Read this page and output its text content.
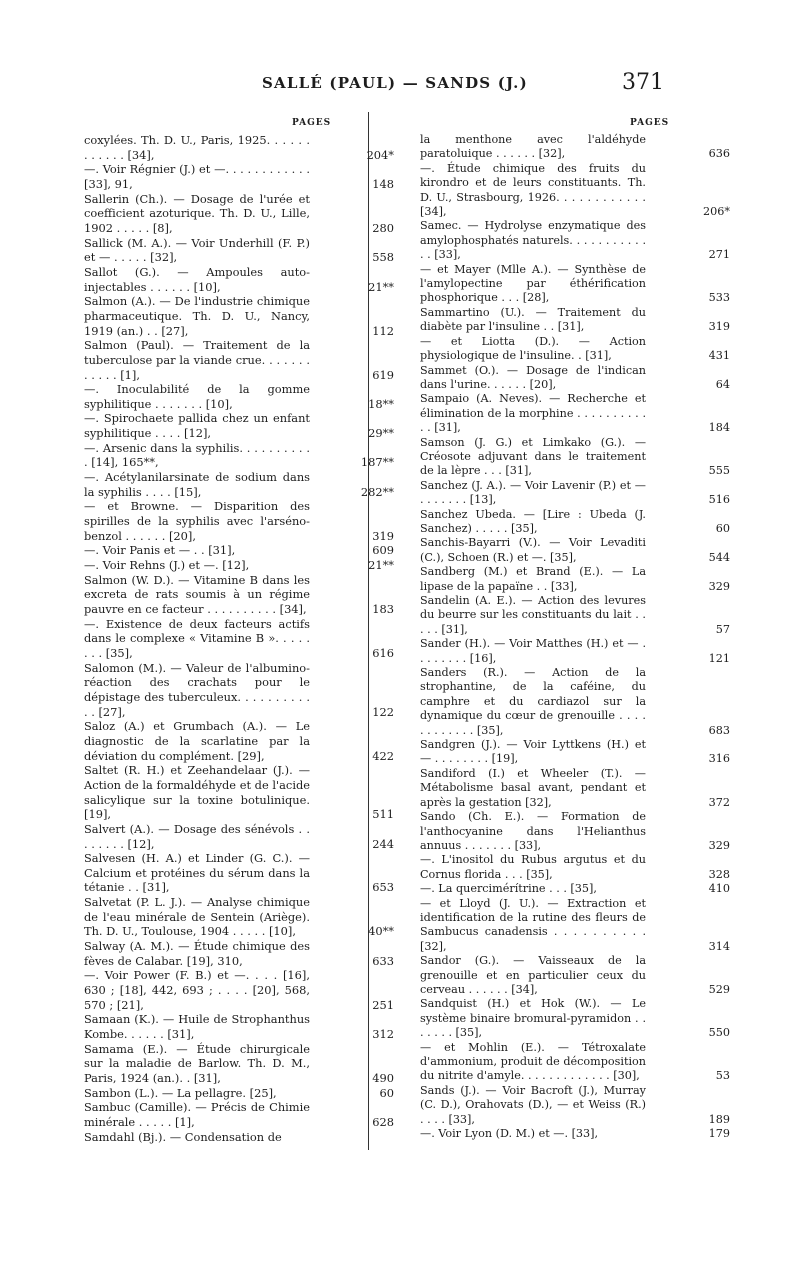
SALLÉ (PAUL) — SANDS (J.)	371
PAGES	PAGES
coxylées. Th. D. U., Paris, 1925. . . . . . . . . . . . [34],	204*
—. Voir Régnier (J.) et —. . . . . . . . . . . . [33], 91,	148
Sallerin (Ch.). — Dosage de l'urée et coefficient azoturique. Th. D. U., Lille, 1902 . . . . . [8],	280
Sallick (M. A.). — Voir Underhill (F. P.) et — . . . . . [32],	558
Sallot (G.). — Ampoules auto-injectables . . . . . . [10],	21**
Salmon (A.). — De l'industrie chimique pharmaceutique. Th. D. U., Nancy, 1919 (an.) . . [27],	112
Salmon (Paul). — Traitement de la tuberculose par la viande crue. . . . . . . . . . . . [1],	619
—. Inoculabilité de la gomme syphilitique . . . . . . . [10],	18**
—. Spirochaete pallida chez un enfant syphilitique . . . . [12],	29**
—. Arsenic dans la syphilis. . . . . . . . . . . [14], 165**,	187**
—. Acétylanilarsinate de sodium dans la syphilis . . . . [15],	282**
— et Browne. — Disparition des spirilles de la syphilis avec l'arséno-benzol . . . . . . [20],	319
—. Voir Panis et — . . [31],	609
—. Voir Rehns (J.) et —. [12],	21**
Salmon (W. D.). — Vitamine B dans les excreta de rats soumis à un régime pauvre en ce facteur . . . . . . . . . . [34],	183
—. Existence de deux facteurs actifs dans le complexe « Vitamine B ». . . . . . . . [35],	616
Salomon (M.). — Valeur de l'albumino-réaction des crachats pour le dépistage des tuberculeux. . . . . . . . . . . . [27],	122
Saloz (A.) et Grumbach (A.). — Le diagnostic de la scarlatine par la déviation du complément. [29],	422
Saltet (R. H.) et Zeehandelaar (J.). — Action de la formaldéhyde et de l'acide salicylique sur la toxine botulinique. [19],	511
Salvert (A.). — Dosage des sénévols . . . . . . . . [12],	244
Salvesen (H. A.) et Linder (G. C.). — Calcium et protéines du sérum dans la tétanie . . [31],	653
Salvetat (P. L. J.). — Analyse chimique de l'eau minérale de Sentein (Ariège). Th. D. U., Toulouse, 1904 . . . . . [10],	40**
Salway (A. M.). — Étude chimique des fèves de Calabar. [19], 310,	633
—. Voir Power (F. B.) et —. . . . [16], 630 ; [18], 442, 693 ; . . . . [20], 568, 570 ; [21],	251
Samaan (K.). — Huile de Strophanthus Kombe. . . . . . [31],	312
Samama (E.). — Étude chirurgicale sur la maladie de Barlow. Th. D. M., Paris, 1924 (an.). . [31],	490
Sambon (L.). — La pellagre. [25],	60
Sambuc (Camille). — Précis de Chimie minérale . . . . . [1],	628
Samdahl (Bj.). — Condensation de
la menthone avec l'aldéhyde paratoluique . . . . . . [32],	636
—. Étude chimique des fruits du kirondro et de leurs constituants. Th. D. U., Strasbourg, 1926. . . . . . . . . . . . [34],	206*
Samec. — Hydrolyse enzymatique des amylophosphatés naturels. . . . . . . . . . . . . [33],	271
— et Mayer (Mlle A.). — Synthèse de l'amylopectine par éthérification phosphorique . . . [28],	533
Sammartino (U.). — Traitement du diabète par l'insuline . . [31],	319
— et Liotta (D.). — Action physiologique de l'insuline. . [31],	431
Sammet (O.). — Dosage de l'indican dans l'urine. . . . . . [20],	64
Sampaio (A. Neves). — Recherche et élimination de la morphine . . . . . . . . . . . . [31],	184
Samson (J. G.) et Limkako (G.). — Créosote adjuvant dans le traitement de la lèpre . . . [31],	555
Sanchez (J. A.). — Voir Lavenir (P.) et — . . . . . . . [13],	516
Sanchez Ubeda. — [Lire : Ubeda (J. Sanchez) . . . . . [35],	60
Sanchis-Bayarri (V.). — Voir Levaditi (C.), Schoen (R.) et —. [35],	544
Sandberg (M.) et Brand (E.). — La lipase de la papaïne . . [33],	329
Sandelin (A. E.). — Action des levures du beurre sur les constituants du lait . . . . . [31],	57
Sander (H.). — Voir Matthes (H.) et — . . . . . . . . [16],	121
Sanders (R.). — Action de la strophantine, de la caféine, du camphre et du cardiazol sur la dynamique du cœur de grenouille . . . . . . . . . . . . [35],	683
Sandgren (J.). — Voir Lyttkens (H.) et — . . . . . . . . [19],	316
Sandiford (I.) et Wheeler (T.). — Métabolisme basal avant, pendant et après la gestation [32],	372
Sando (Ch. E.). — Formation de l'anthocyanine dans l'Helianthus annuus . . . . . . . [33],	329
—. L'inositol du Rubus argutus et du Cornus florida . . . [35],	328
—. La quercimérítrine . . . [35],	410
— et Lloyd (J. U.). — Extraction et identification de la rutine des fleurs de Sambucus canadensis . . . . . . . . . . [32],	314
Sandor (G.). — Vaisseaux de la grenouille et en particulier ceux du cerveau . . . . . . [34],	529
Sandquist (H.) et Hok (W.). — Le système binaire bromural-pyramidon . . . . . . . [35],	550
— et Mohlin (E.). — Tétroxalate d'ammonium, produit de décomposition du nitrite d'amyle. . . . . . . . . . . . . [30],	53
Sands (J.). — Voir Bacroft (J.), Murray (C. D.), Orahovats (D.), — et Weiss (R.) . . . . [33],	189
—. Voir Lyon (D. M.) et —. [33],	179
